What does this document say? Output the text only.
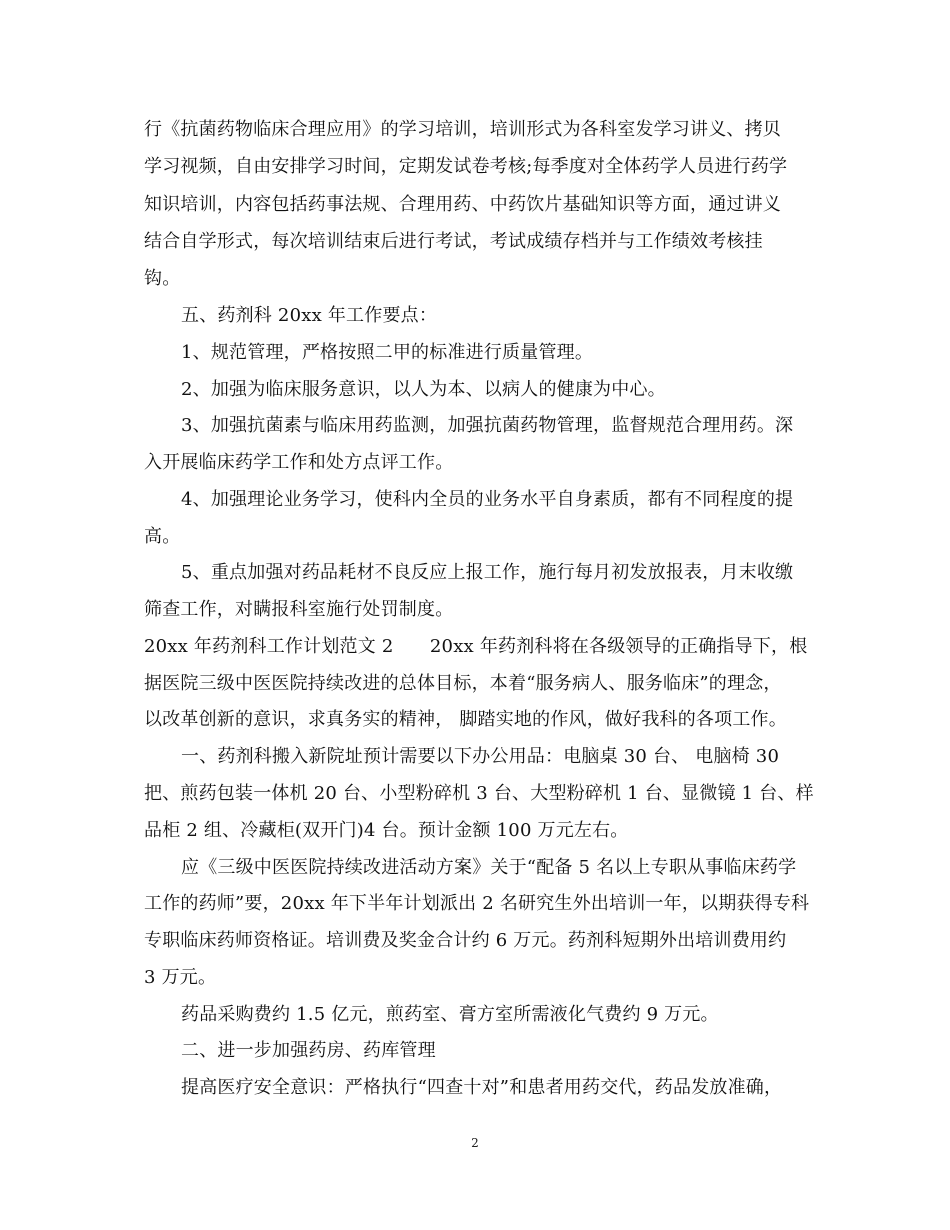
行《抗菌药物临床合理应用》的学习培训，培训形式为各科室发学习讲义、拷贝
学习视频，自由安排学习时间，定期发试卷考核;每季度对全体药学人员进行药学
知识培训，内容包括药事法规、合理用药、中药饮片基础知识等方面，通过讲义
结合自学形式，每次培训结束后进行考试，考试成绩存档并与工作绩效考核挂
钩。
五、药剂科 20xx 年工作要点：
1、规范管理，严格按照二甲的标准进行质量管理。
2、加强为临床服务意识，以人为本、以病人的健康为中心。
3、加强抗菌素与临床用药监测，加强抗菌药物管理，监督规范合理用药。深
入开展临床药学工作和处方点评工作。
4、加强理论业务学习，使科内全员的业务水平自身素质，都有不同程度的提
高。
5、重点加强对药品耗材不良反应上报工作，施行每月初发放报表，月末收缴
筛查工作，对瞒报科室施行处罚制度。
20xx 年药剂科工作计划范文 2　　20xx 年药剂科将在各级领导的正确指导下，根
据医院三级中医医院持续改进的总体目标，本着“服务病人、服务临床”的理念，
以改革创新的意识，求真务实的精神， 脚踏实地的作风，做好我科的各项工作。
一、药剂科搬入新院址预计需要以下办公用品：电脑桌 30 台、 电脑椅 30
把、煎药包装一体机 20 台、小型粉碎机 3 台、大型粉碎机 1 台、显微镜 1 台、样
品柜 2 组、冷藏柜(双开门)4 台。预计金额 100 万元左右。
应《三级中医医院持续改进活动方案》关于“配备 5 名以上专职从事临床药学
工作的药师”要，20xx 年下半年计划派出 2 名研究生外出培训一年，以期获得专科
专职临床药师资格证。培训费及奖金合计约 6 万元。药剂科短期外出培训费用约
3 万元。
药品采购费约 1.5 亿元，煎药室、膏方室所需液化气费约 9 万元。
二、进一步加强药房、药库管理
提高医疗安全意识：严格执行“四查十对”和患者用药交代，药品发放准确，
2
